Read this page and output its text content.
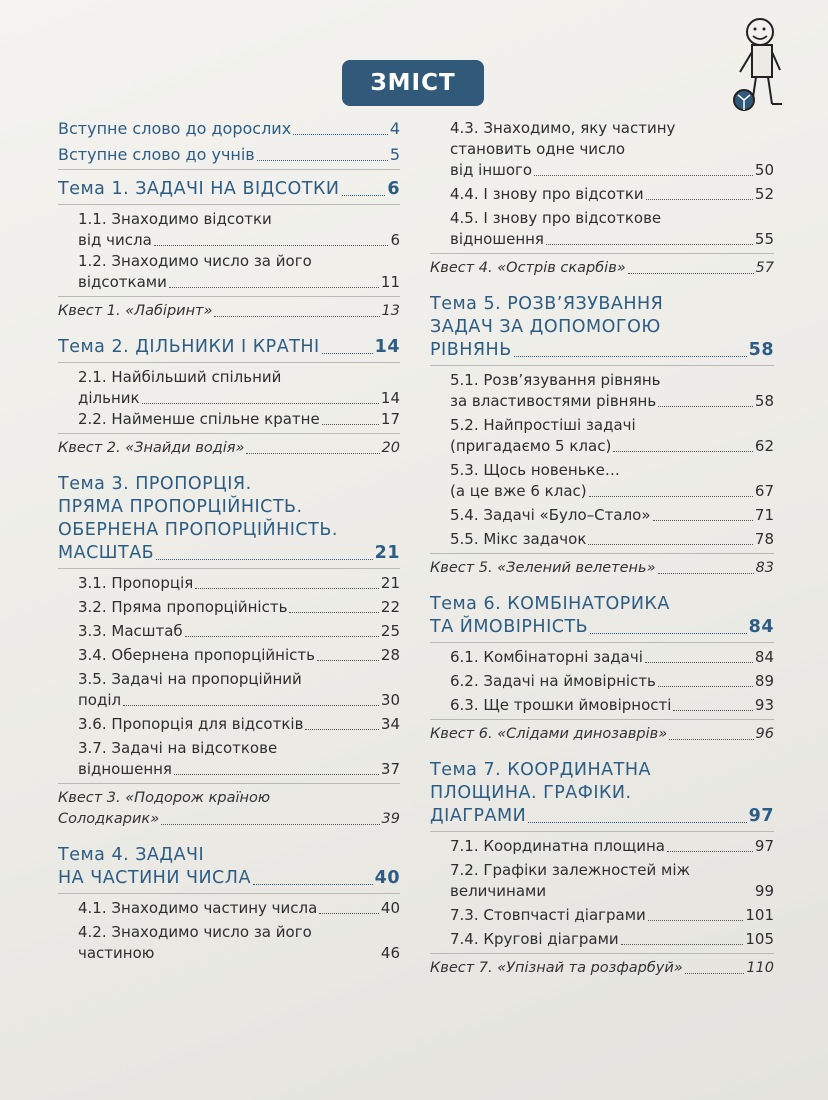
ЗМІСТ
Вступне слово до дорослих	4
Вступне слово до учнів	5
Тема 1. ЗАДАЧІ НА ВІДСОТКИ	6
1.1. Знаходимо відсотки
від числа	6
1.2. Знаходимо число за його
відсотками	11
Квест 1. «Лабіринт»	13
Тема 2. ДІЛЬНИКИ І КРАТНІ	14
2.1. Найбільший спільний
дільник	14
2.2. Найменше спільне кратне	17
Квест 2. «Знайди водія»	20
Тема 3. ПРОПОРЦІЯ.
ПРЯМА ПРОПОРЦІЙНІСТЬ.
ОБЕРНЕНА ПРОПОРЦІЙНІСТЬ.
МАСШТАБ	21
3.1. Пропорція	21
3.2. Пряма пропорційність	22
3.3. Масштаб	25
3.4. Обернена пропорційність	28
3.5. Задачі на пропорційний
поділ	30
3.6. Пропорція для відсотків	34
3.7. Задачі на відсоткове
відношення	37
Квест 3. «Подорож країною
Солодкарик»	39
Тема 4. ЗАДАЧІ
НА ЧАСТИНИ ЧИСЛА	40
4.1. Знаходимо частину числа	40
4.2. Знаходимо число за його
частиною	46
4.3. Знаходимо, яку частину
становить одне число
від іншого	50
4.4. І знову про відсотки	52
4.5. І знову про відсоткове
відношення	55
Квест 4. «Острів скарбів»	57
Тема 5. РОЗВ’ЯЗУВАННЯ
ЗАДАЧ ЗА ДОПОМОГОЮ
РІВНЯНЬ	58
5.1. Розв’язування рівнянь
за властивостями рівнянь	58
5.2. Найпростіші задачі
(пригадаємо 5 клас)	62
5.3. Щось новеньке…
(а це вже 6 клас)	67
5.4. Задачі «Було–Стало»	71
5.5. Мікс задачок	78
Квест 5. «Зелений велетень»	83
Тема 6. КОМБІНАТОРИКА
ТА ЙМОВІРНІСТЬ	84
6.1. Комбінаторні задачі	84
6.2. Задачі на ймовірність	89
6.3. Ще трошки ймовірності	93
Квест 6. «Слідами динозаврів»	96
Тема 7. КООРДИНАТНА
ПЛОЩИНА. ГРАФІКИ.
ДІАГРАМИ	97
7.1. Координатна площина	97
7.2. Графіки залежностей між
величинами	99
7.3. Стовпчасті діаграми	101
7.4. Кругові діаграми	105
Квест 7. «Упізнай та розфарбуй»	110
